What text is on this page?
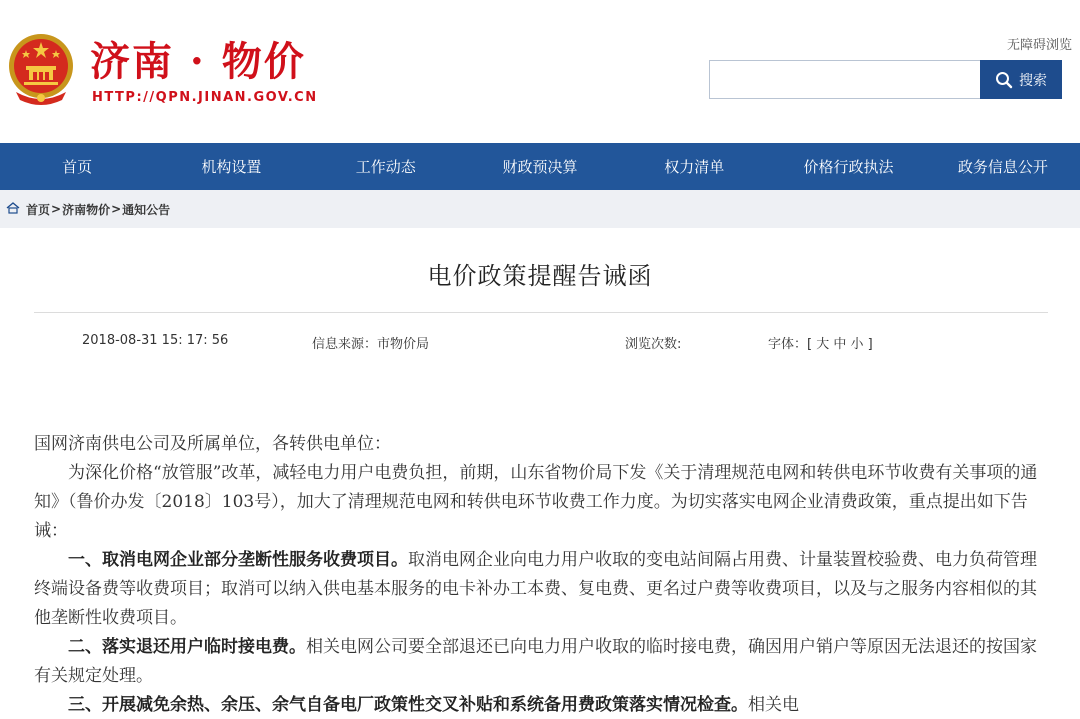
济南 · 物价
HTTP://QPN.JINAN.GOV.CN
无障碍浏览
搜索
首页	机构设置	工作动态	财政预决算	权力清单	价格行政执法	政务信息公开
首页 > 济南物价 > 通知公告
电价政策提醒告诫函
2018-08-31 15: 17: 56	信息来源：市物价局	浏览次数:	字体：[ 大 中 小 ]

国网济南供电公司及所属单位，各转供电单位：

为深化价格“放管服”改革，减轻电力用户电费负担，前期，山东省物价局下发《关于清理规范电网和转供电环节收费有关事项的通知》（鲁价办发〔2018〕103号），加大了清理规范电网和转供电环节收费工作力度。为切实落实电网企业清费政策，重点提出如下告诫：

一、取消电网企业部分垄断性服务收费项目。取消电网企业向电力用户收取的变电站间隔占用费、计量装置校验费、电力负荷管理终端设备费等收费项目；取消可以纳入供电基本服务的电卡补办工本费、复电费、更名过户费等收费项目，以及与之服务内容相似的其他垄断性收费项目。

二、落实退还用户临时接电费。相关电网公司要全部退还已向电力用户收取的临时接电费，确因用户销户等原因无法退还的按国家有关规定处理。

三、开展减免余热、余压、余气自备电厂政策性交叉补贴和系统备用费政策落实情况检查。相关电
